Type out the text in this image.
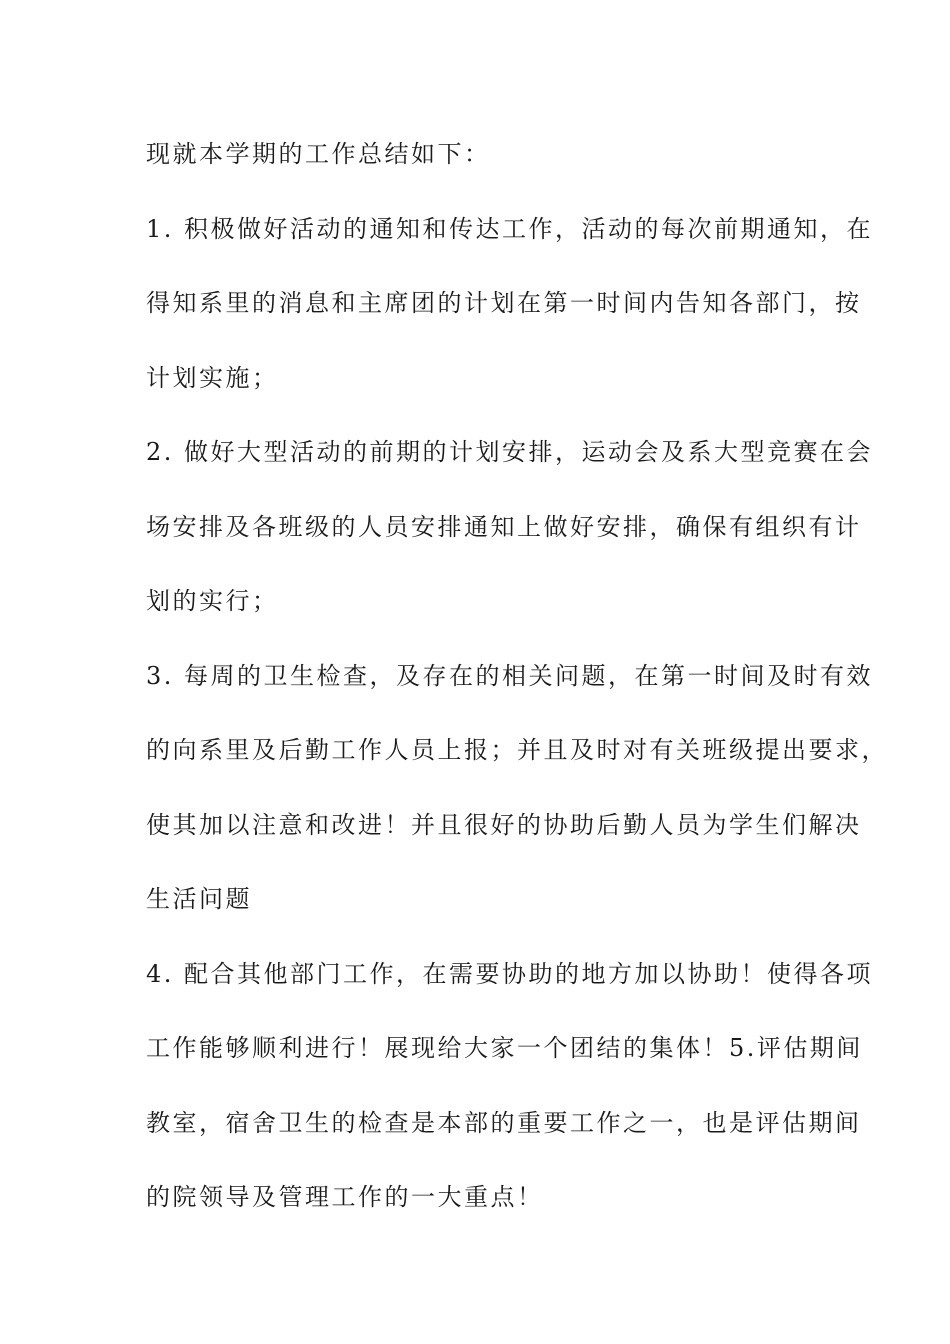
现就本学期的工作总结如下：
1. 积极做好活动的通知和传达工作，活动的每次前期通知，在
得知系里的消息和主席团的计划在第一时间内告知各部门，按
计划实施；
2. 做好大型活动的前期的计划安排，运动会及系大型竞赛在会
场安排及各班级的人员安排通知上做好安排，确保有组织有计
划的实行；
3. 每周的卫生检查，及存在的相关问题，在第一时间及时有效
的向系里及后勤工作人员上报；并且及时对有关班级提出要求，
使其加以注意和改进！并且很好的协助后勤人员为学生们解决
生活问题
4. 配合其他部门工作，在需要协助的地方加以协助！使得各项
工作能够顺利进行！展现给大家一个团结的集体！5.评估期间
教室，宿舍卫生的检查是本部的重要工作之一，也是评估期间
的院领导及管理工作的一大重点！
